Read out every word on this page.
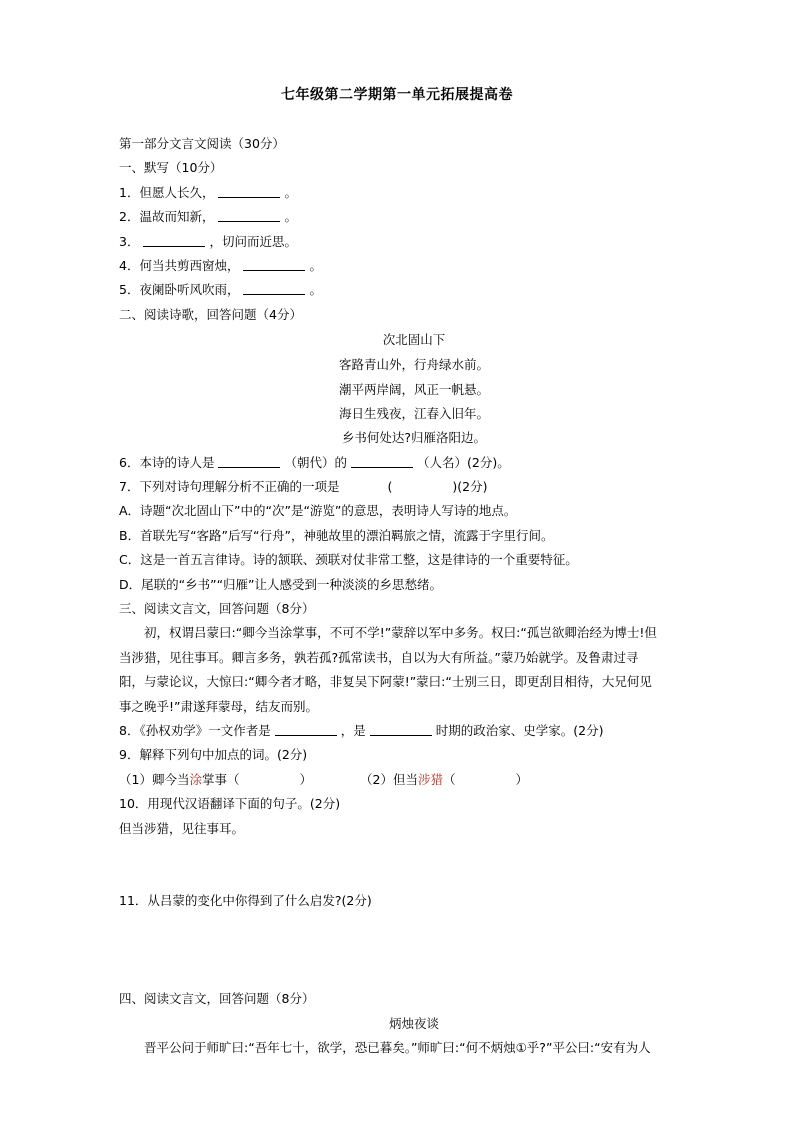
七年级第二学期第一单元拓展提高卷
第一部分文言文阅读（30分）
一、默写（10分）
1．但愿人长久，	。
2．温故而知新，	。
3．	，切问而近思。
4．何当共剪西窗烛，	。
5．夜阑卧听风吹雨，	。
二、阅读诗歌，回答问题（4分）
次北固山下
客路青山外，行舟绿水前。
潮平两岸阔，风正一帆悬。
海日生残夜，江春入旧年。
乡书何处达?归雁洛阳边。
6．本诗的诗人是	（朝代）的	（人名）(2分)。
7．下列对诗句理解分析不正确的一项是	(	)(2分)
A．诗题“次北固山下”中的“次”是“游览”的意思，表明诗人写诗的地点。
B．首联先写“客路”后写“行舟”，神驰故里的漂泊羁旅之情，流露于字里行间。
C．这是一首五言律诗。诗的颔联、颈联对仗非常工整，这是律诗的一个重要特征。
D．尾联的“乡书”“归雁”让人感受到一种淡淡的乡思愁绪。
三、阅读文言文，回答问题（8分）
初，权谓吕蒙曰:“卿今当涂掌事，不可不学!”蒙辞以军中多务。权曰:“孤岂欲卿治经为博士!但
当涉猎，见往事耳。卿言多务，孰若孤?孤常读书，自以为大有所益。”蒙乃始就学。及鲁肃过寻
阳，与蒙论议，大惊曰:“卿今者才略，非复吴下阿蒙!”蒙曰:“士别三日，即更刮目相待，大兄何见
事之晚乎!”肃遂拜蒙母，结友而别。
8．《孙权劝学》一文作者是	，是	时期的政治家、史学家。(2分)
9．解释下列句中加点的词。(2分)
（1）卿今当涂掌事（	）	（2）但当涉猎（	）
10．用现代汉语翻译下面的句子。(2分)
但当涉猎，见往事耳。
11．从吕蒙的变化中你得到了什么启发?(2分)
四、阅读文言文，回答问题（8分）
炳烛夜谈
晋平公问于师旷曰:“吾年七十，欲学，恐已暮矣。”师旷曰:“何不炳烛①乎?”平公曰:“安有为人
